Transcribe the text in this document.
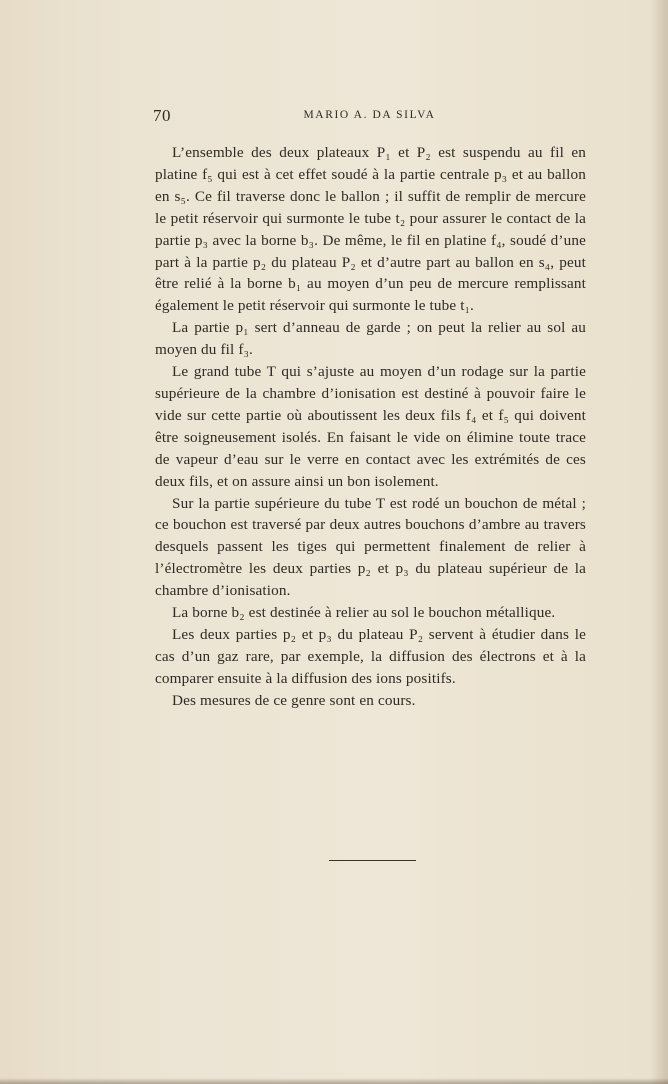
70	MARIO A. DA SILVA

L’ensemble des deux plateaux P₁ et P₂ est suspendu au fil en platine f₅ qui est à cet effet soudé à la partie centrale p₃ et au ballon en s₅. Ce fil traverse donc le ballon ; il suffit de remplir de mercure le petit réservoir qui surmonte le tube t₂ pour assurer le contact de la partie p₃ avec la borne b₃. De même, le fil en platine f₄, soudé d’une part à la partie p₂ du plateau P₂ et d’autre part au ballon en s₄, peut être relié à la borne b₁ au moyen d’un peu de mercure remplissant également le petit réservoir qui surmonte le tube t₁.

La partie p₁ sert d’anneau de garde ; on peut la relier au sol au moyen du fil f₃.

Le grand tube T qui s’ajuste au moyen d’un rodage sur la partie supérieure de la chambre d’ionisation est destiné à pouvoir faire le vide sur cette partie où aboutissent les deux fils f₄ et f₅ qui doivent être soigneusement isolés. En faisant le vide on élimine toute trace de vapeur d’eau sur le verre en contact avec les extrémités de ces deux fils, et on assure ainsi un bon isolement.

Sur la partie supérieure du tube T est rodé un bouchon de métal ; ce bouchon est traversé par deux autres bouchons d’ambre au travers desquels passent les tiges qui permettent finalement de relier à l’électromètre les deux parties p₂ et p₃ du plateau supérieur de la chambre d’ionisation.

La borne b₂ est destinée à relier au sol le bouchon métallique.

Les deux parties p₂ et p₃ du plateau P₂ servent à étudier dans le cas d’un gaz rare, par exemple, la diffusion des électrons et à la comparer ensuite à la diffusion des ions positifs.

Des mesures de ce genre sont en cours.
